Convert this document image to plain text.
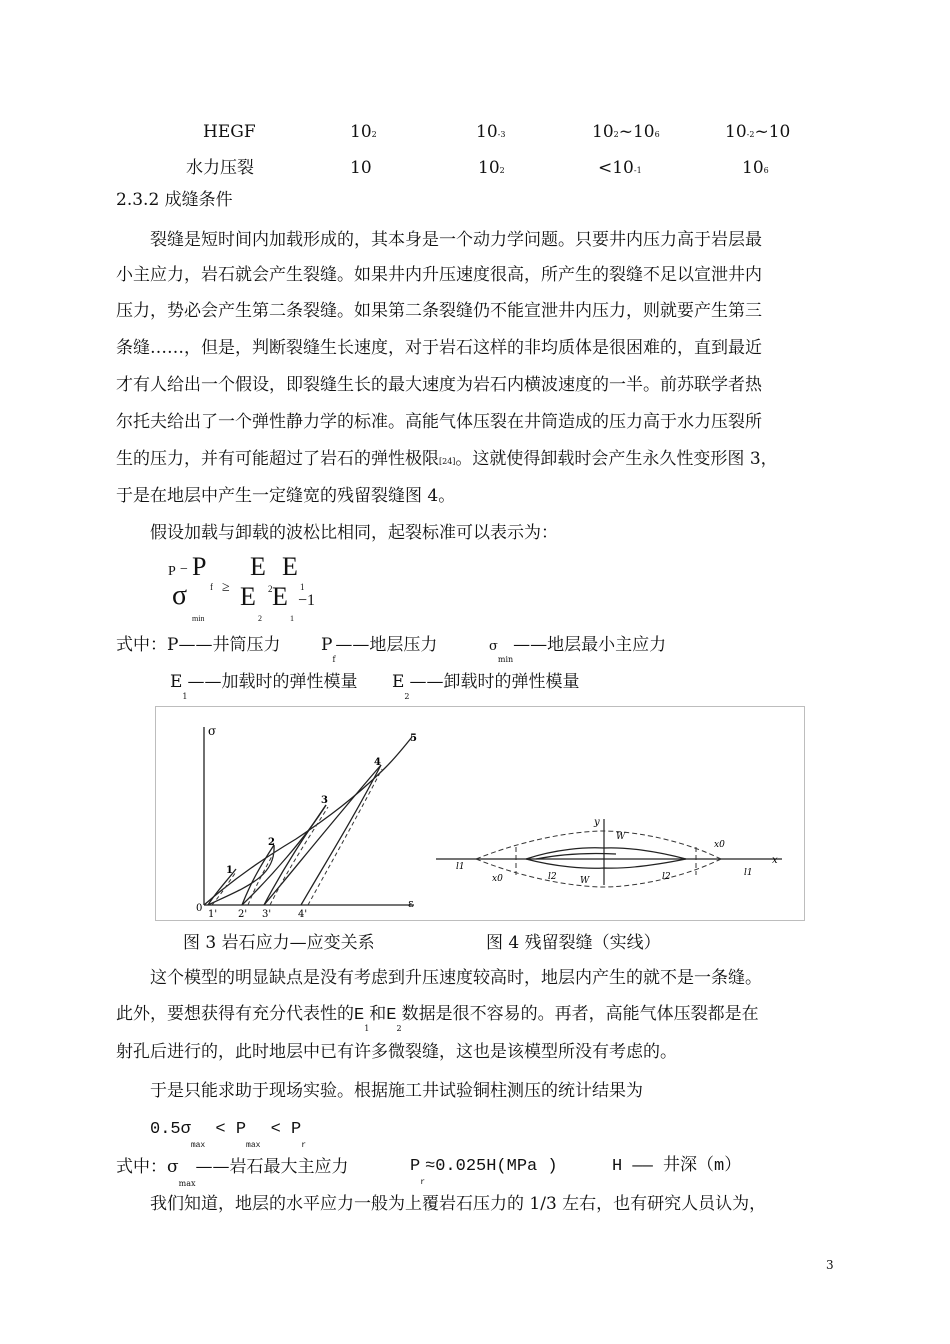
HEGF	102	10-3	102~106	10-2~10
水力压裂	10	102	<10-1	106
2.3.2 成缝条件
裂缝是短时间内加载形成的，其本身是一个动力学问题。只要井内压力高于岩层最
小主应力，岩石就会产生裂缝。如果井内升压速度很高，所产生的裂缝不足以宣泄井内
压力，势必会产生第二条裂缝。如果第二条裂缝仍不能宣泄井内压力，则就要产生第三
条缝……，但是，判断裂缝生长速度，对于岩石这样的非均质体是很困难的，直到最近
才有人给出一个假设，即裂缝生长的最大速度为岩石内横波速度的一半。前苏联学者热
尔托夫给出了一个弹性静力学的标准。高能气体压裂在井筒造成的压力高于水力压裂所
生的压力，并有可能超过了岩石的弹性极限[24]。这就使得卸载时会产生永久性变形图 3，
于是在地层中产生一定缝宽的残留裂缝图 4。
假设加载与卸载的波松比相同，起裂标准可以表示为：
P − P E E
σ	f ≥	2	1
E E −1
min	2	1
式中：P——井筒压力 $P_f——$地层压力	$\sigma_{min}——$地层最小主应力
$E_1——$加载时的弹性模量 $E_2——$卸载时的弹性模量
σ
ε
0
1
2
3
4
5
1' 2' 3'	4'
y
x
W
x0
l1
x0	l2	W	l2	l1
图 3 岩石应力—应变关系	图 4 残留裂缝（实线）
这个模型的明显缺点是没有考虑到升压速度较高时，地层内产生的就不是一条缝。
此外，要想获得有充分代表性的$E_1$和$E_2$数据是很不容易的。再者，高能气体压裂都是在
射孔后进行的，此时地层中已有许多微裂缝，这也是该模型所没有考虑的。
于是只能求助于现场实验。根据施工井试验铜柱测压的统计结果为
$0.5\sigma_{max} < P_{max} < P_r$
式中：$\sigma_{max}——$岩石最大主应力	$P_r\approx 0.025H(MPa$ )	H —— 井深（m）
我们知道，地层的水平应力一般为上覆岩石压力的 1/3 左右，也有研究人员认为，
3
